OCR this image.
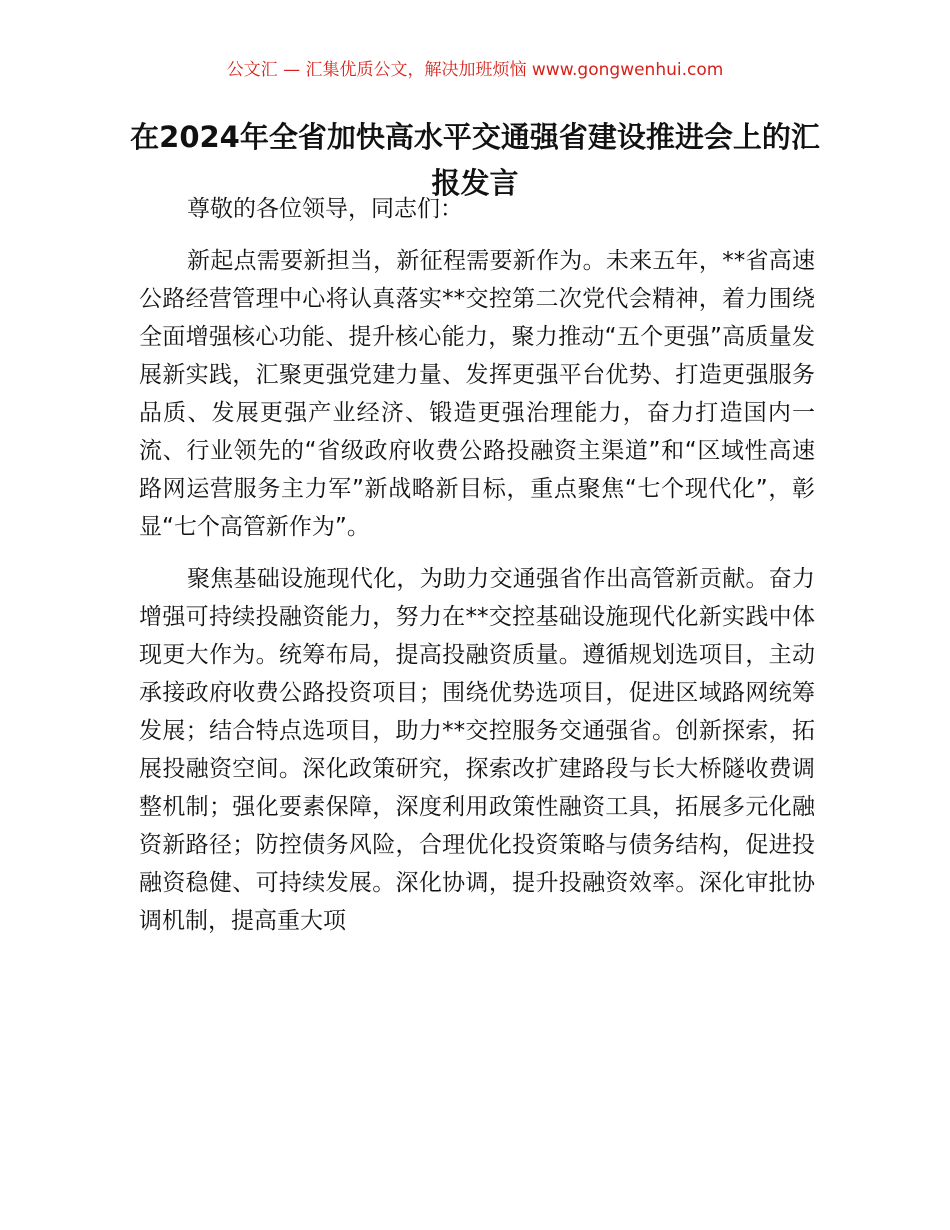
公文汇 — 汇集优质公文，解决加班烦恼 www.gongwenhui.com
在2024年全省加快高水平交通强省建设推进会上的汇报发言

尊敬的各位领导，同志们：

新起点需要新担当，新征程需要新作为。未来五年，**省高速公路经营管理中心将认真落实**交控第二次党代会精神，着力围绕全面增强核心功能、提升核心能力，聚力推动“五个更强”高质量发展新实践，汇聚更强党建力量、发挥更强平台优势、打造更强服务品质、发展更强产业经济、锻造更强治理能力，奋力打造国内一流、行业领先的“省级政府收费公路投融资主渠道”和“区域性高速路网运营服务主力军”新战略新目标，重点聚焦“七个现代化”，彰显“七个高管新作为”。

聚焦基础设施现代化，为助力交通强省作出高管新贡献。奋力增强可持续投融资能力，努力在**交控基础设施现代化新实践中体现更大作为。统筹布局，提高投融资质量。遵循规划选项目，主动承接政府收费公路投资项目；围绕优势选项目，促进区域路网统筹发展；结合特点选项目，助力**交控服务交通强省。创新探索，拓展投融资空间。深化政策研究，探索改扩建路段与长大桥隧收费调整机制；强化要素保障，深度利用政策性融资工具，拓展多元化融资新路径；防控债务风险，合理优化投资策略与债务结构，促进投融资稳健、可持续发展。深化协调，提升投融资效率。深化审批协调机制，提高重大项
